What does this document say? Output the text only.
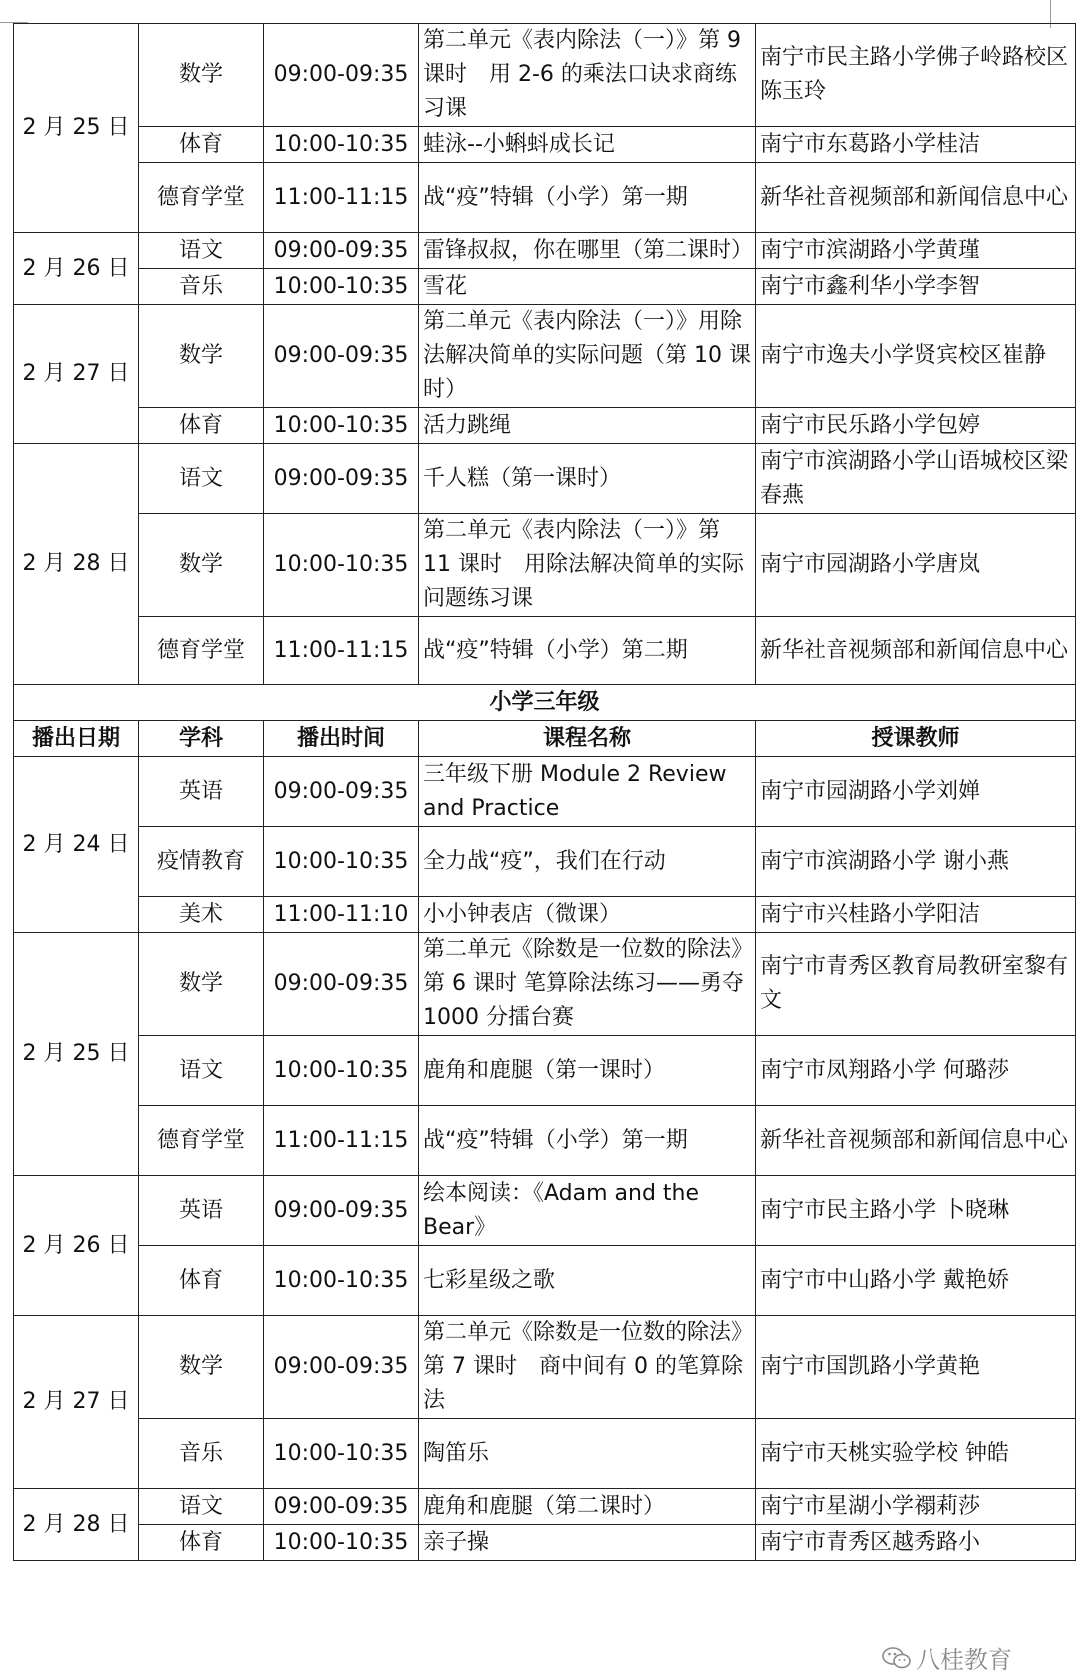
2 月 25 日	数学	09:00-09:35	第二单元《表内除法（一）》第 9 课时　用 2-6 的乘法口诀求商练习课	南宁市民主路小学佛子岭路校区陈玉玲
	体育	10:00-10:35	蛙泳--小蝌蚪成长记	南宁市东葛路小学桂洁
	德育学堂	11:00-11:15	战“疫”特辑（小学）第一期	新华社音视频部和新闻信息中心
2 月 26 日	语文	09:00-09:35	雷锋叔叔，你在哪里（第二课时）	南宁市滨湖路小学黄瑾
	音乐	10:00-10:35	雪花	南宁市鑫利华小学李智
2 月 27 日	数学	09:00-09:35	第二单元《表内除法（一）》用除法解决简单的实际问题（第 10 课时）	南宁市逸夫小学贤宾校区崔静
	体育	10:00-10:35	活力跳绳	南宁市民乐路小学包婷
2 月 28 日	语文	09:00-09:35	千人糕（第一课时）	南宁市滨湖路小学山语城校区梁春燕
	数学	10:00-10:35	第二单元《表内除法（一）》第 11 课时　用除法解决简单的实际问题练习课	南宁市园湖路小学唐岚
	德育学堂	11:00-11:15	战“疫”特辑（小学）第二期	新华社音视频部和新闻信息中心
小学三年级				
播出日期	学科	播出时间	课程名称	授课教师
2 月 24 日	英语	09:00-09:35	三年级下册 Module 2 Review and Practice	南宁市园湖路小学刘婵
	疫情教育	10:00-10:35	全力战“疫”，我们在行动	南宁市滨湖路小学 谢小燕
	美术	11:00-11:10	小小钟表店（微课）	南宁市兴桂路小学阳洁
2 月 25 日	数学	09:00-09:35	第二单元《除数是一位数的除法》第 6 课时 笔算除法练习——勇夺 1000 分擂台赛	南宁市青秀区教育局教研室黎有文
	语文	10:00-10:35	鹿角和鹿腿（第一课时）	南宁市凤翔路小学 何璐莎
	德育学堂	11:00-11:15	战“疫”特辑（小学）第一期	新华社音视频部和新闻信息中心
2 月 26 日	英语	09:00-09:35	绘本阅读：《Adam and the Bear》	南宁市民主路小学 卜晓琳
	体育	10:00-10:35	七彩星级之歌	南宁市中山路小学 戴艳娇
2 月 27 日	数学	09:00-09:35	第二单元《除数是一位数的除法》第 7 课时　商中间有 0 的笔算除法	南宁市国凯路小学黄艳
	音乐	10:00-10:35	陶笛乐	南宁市天桃实验学校 钟皓
2 月 28 日	语文	09:00-09:35	鹿角和鹿腿（第二课时）	南宁市星湖小学禤莉莎
	体育	10:00-10:35	亲子操	南宁市青秀区越秀路小
八桂教育
